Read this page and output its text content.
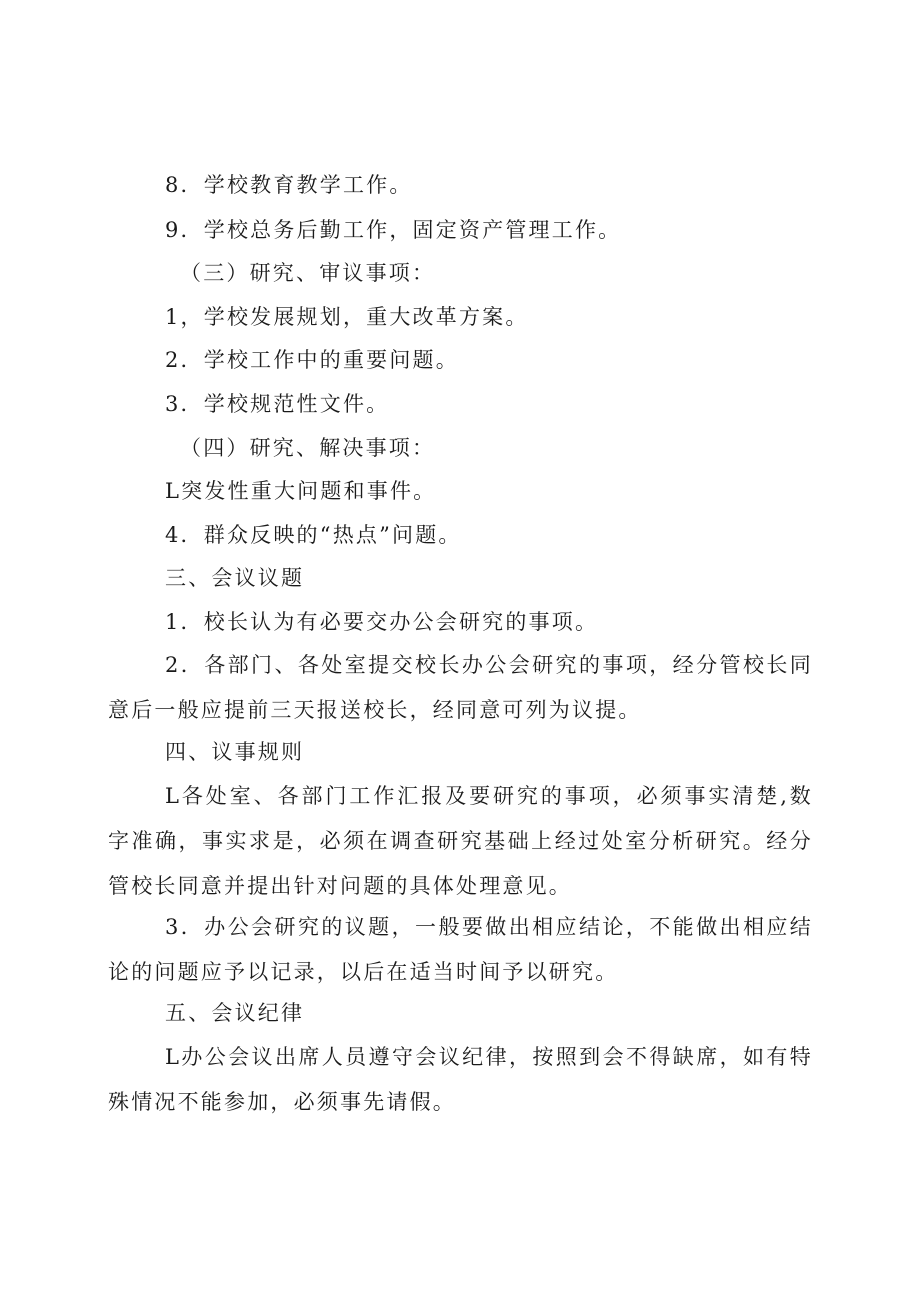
8．学校教育教学工作。

9．学校总务后勤工作，固定资产管理工作。

（三）研究、审议事项：

1，学校发展规划，重大改革方案。

2．学校工作中的重要问题。

3．学校规范性文件。

（四）研究、解决事项：

L突发性重大问题和事件。

4．群众反映的“热点”问题。

三、会议议题

1．校长认为有必要交办公会研究的事项。

2．各部门、各处室提交校长办公会研究的事项，经分管校长同意后一般应提前三天报送校长，经同意可列为议提。

四、议事规则

L各处室、各部门工作汇报及要研究的事项，必须事实清楚,数字准确，事实求是，必须在调查研究基础上经过处室分析研究。经分管校长同意并提出针对问题的具体处理意见。

3．办公会研究的议题，一般要做出相应结论，不能做出相应结论的问题应予以记录，以后在适当时间予以研究。

五、会议纪律

L办公会议出席人员遵守会议纪律，按照到会不得缺席，如有特殊情况不能参加，必须事先请假。
